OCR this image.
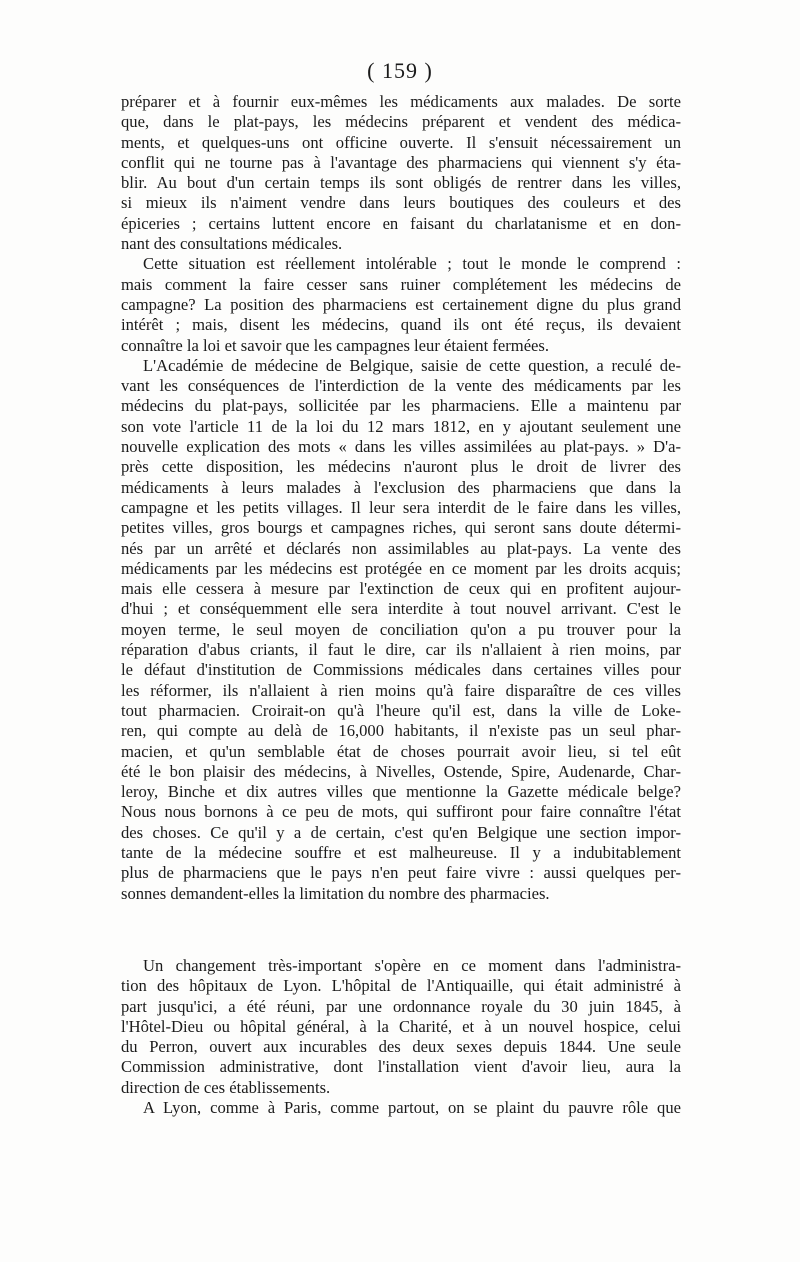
( 159 )
préparer et à fournir eux-mêmes les médicaments aux malades. De sorte
que, dans le plat-pays, les médecins préparent et vendent des médica-
ments, et quelques-uns ont officine ouverte. Il s'ensuit nécessairement un
conflit qui ne tourne pas à l'avantage des pharmaciens qui viennent s'y éta-
blir. Au bout d'un certain temps ils sont obligés de rentrer dans les villes,
si mieux ils n'aiment vendre dans leurs boutiques des couleurs et des
épiceries ; certains luttent encore en faisant du charlatanisme et en don-
nant des consultations médicales.
Cette situation est réellement intolérable ; tout le monde le comprend :
mais comment la faire cesser sans ruiner complétement les médecins de
campagne? La position des pharmaciens est certainement digne du plus grand
intérêt ; mais, disent les médecins, quand ils ont été reçus, ils devaient
connaître la loi et savoir que les campagnes leur étaient fermées.
L'Académie de médecine de Belgique, saisie de cette question, a reculé de-
vant les conséquences de l'interdiction de la vente des médicaments par les
médecins du plat-pays, sollicitée par les pharmaciens. Elle a maintenu par
son vote l'article 11 de la loi du 12 mars 1812, en y ajoutant seulement une
nouvelle explication des mots « dans les villes assimilées au plat-pays. » D'a-
près cette disposition, les médecins n'auront plus le droit de livrer des
médicaments à leurs malades à l'exclusion des pharmaciens que dans la
campagne et les petits villages. Il leur sera interdit de le faire dans les villes,
petites villes, gros bourgs et campagnes riches, qui seront sans doute détermi-
nés par un arrêté et déclarés non assimilables au plat-pays. La vente des
médicaments par les médecins est protégée en ce moment par les droits acquis;
mais elle cessera à mesure par l'extinction de ceux qui en profitent aujour-
d'hui ; et conséquemment elle sera interdite à tout nouvel arrivant. C'est le
moyen terme, le seul moyen de conciliation qu'on a pu trouver pour la
réparation d'abus criants, il faut le dire, car ils n'allaient à rien moins, par
le défaut d'institution de Commissions médicales dans certaines villes pour
les réformer, ils n'allaient à rien moins qu'à faire disparaître de ces villes
tout pharmacien. Croirait-on qu'à l'heure qu'il est, dans la ville de Loke-
ren, qui compte au delà de 16,000 habitants, il n'existe pas un seul phar-
macien, et qu'un semblable état de choses pourrait avoir lieu, si tel eût
été le bon plaisir des médecins, à Nivelles, Ostende, Spire, Audenarde, Char-
leroy, Binche et dix autres villes que mentionne la Gazette médicale belge?
Nous nous bornons à ce peu de mots, qui suffiront pour faire connaître l'état
des choses. Ce qu'il y a de certain, c'est qu'en Belgique une section impor-
tante de la médecine souffre et est malheureuse. Il y a indubitablement
plus de pharmaciens que le pays n'en peut faire vivre : aussi quelques per-
sonnes demandent-elles la limitation du nombre des pharmacies.
Un changement très-important s'opère en ce moment dans l'administra-
tion des hôpitaux de Lyon. L'hôpital de l'Antiquaille, qui était administré à
part jusqu'ici, a été réuni, par une ordonnance royale du 30 juin 1845, à
l'Hôtel-Dieu ou hôpital général, à la Charité, et à un nouvel hospice, celui
du Perron, ouvert aux incurables des deux sexes depuis 1844. Une seule
Commission administrative, dont l'installation vient d'avoir lieu, aura la
direction de ces établissements.
A Lyon, comme à Paris, comme partout, on se plaint du pauvre rôle que
